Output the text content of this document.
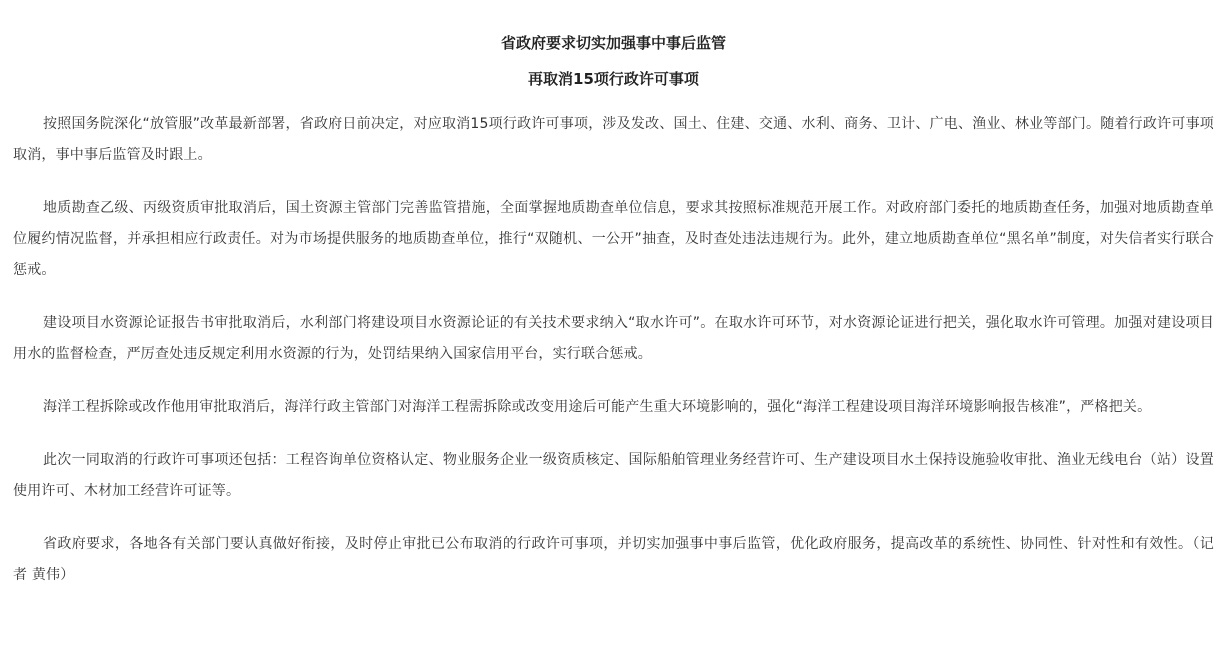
省政府要求切实加强事中事后监管
再取消15项行政许可事项

按照国务院深化“放管服”改革最新部署，省政府日前决定，对应取消15项行政许可事项，涉及发改、国土、住建、交通、水利、商务、卫计、广电、渔业、林业等部门。随着行政许可事项取消，事中事后监管及时跟上。

地质勘查乙级、丙级资质审批取消后，国土资源主管部门完善监管措施，全面掌握地质勘查单位信息，要求其按照标准规范开展工作。对政府部门委托的地质勘查任务，加强对地质勘查单位履约情况监督，并承担相应行政责任。对为市场提供服务的地质勘查单位，推行“双随机、一公开”抽查，及时查处违法违规行为。此外，建立地质勘查单位“黑名单”制度，对失信者实行联合惩戒。

建设项目水资源论证报告书审批取消后，水利部门将建设项目水资源论证的有关技术要求纳入“取水许可”。在取水许可环节，对水资源论证进行把关，强化取水许可管理。加强对建设项目用水的监督检查，严厉查处违反规定利用水资源的行为，处罚结果纳入国家信用平台，实行联合惩戒。

海洋工程拆除或改作他用审批取消后，海洋行政主管部门对海洋工程需拆除或改变用途后可能产生重大环境影响的，强化“海洋工程建设项目海洋环境影响报告核准”，严格把关。

此次一同取消的行政许可事项还包括：工程咨询单位资格认定、物业服务企业一级资质核定、国际船舶管理业务经营许可、生产建设项目水土保持设施验收审批、渔业无线电台（站）设置使用许可、木材加工经营许可证等。

省政府要求，各地各有关部门要认真做好衔接，及时停止审批已公布取消的行政许可事项，并切实加强事中事后监管，优化政府服务，提高改革的系统性、协同性、针对性和有效性。（记者 黄伟）
